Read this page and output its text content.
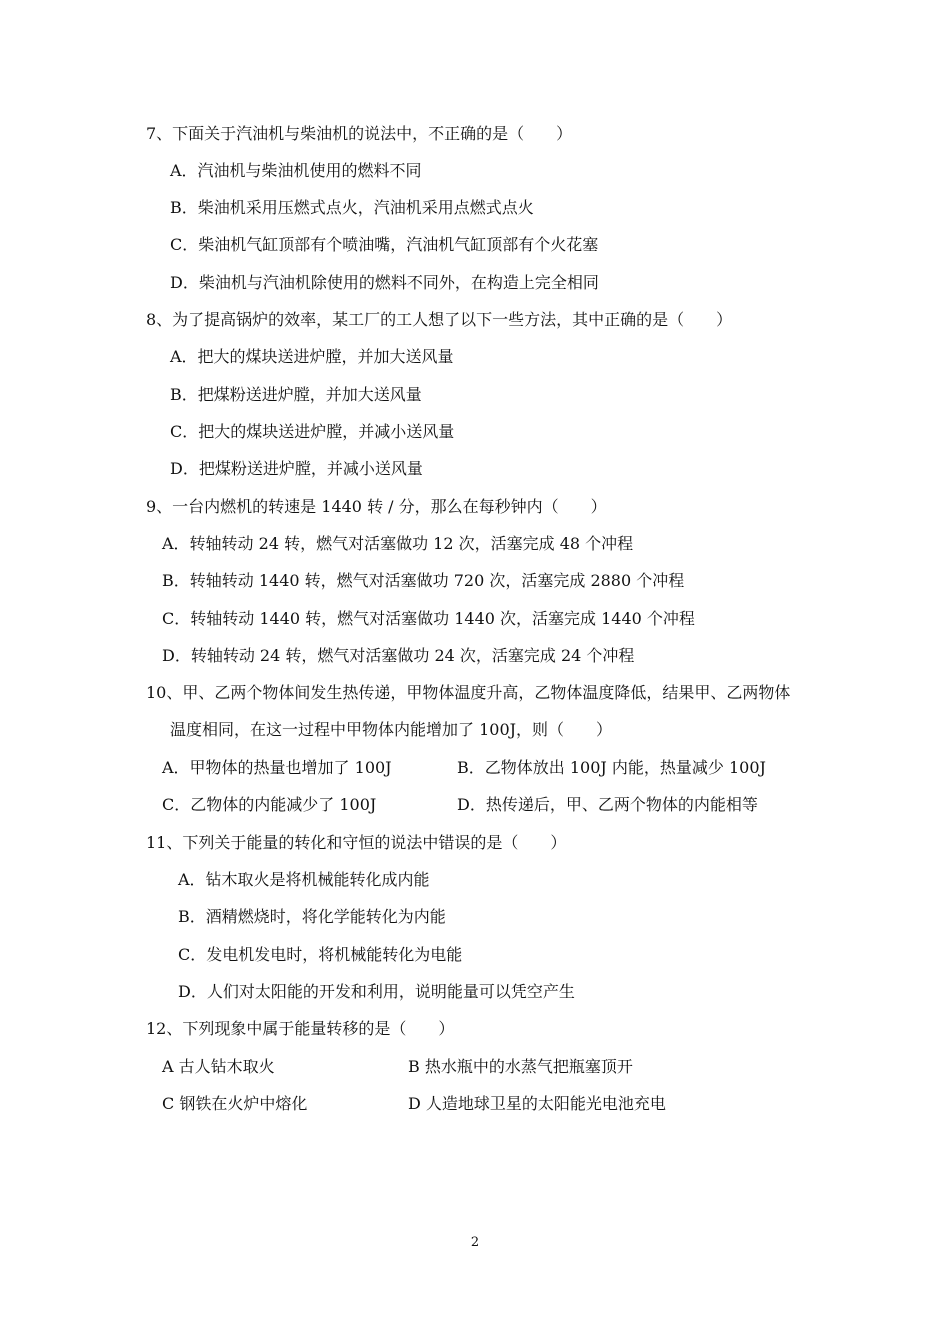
7、下面关于汽油机与柴油机的说法中，不正确的是（　　）
A．汽油机与柴油机使用的燃料不同
B．柴油机采用压燃式点火，汽油机采用点燃式点火
C．柴油机气缸顶部有个喷油嘴，汽油机气缸顶部有个火花塞
D．柴油机与汽油机除使用的燃料不同外，在构造上完全相同
8、为了提高锅炉的效率，某工厂的工人想了以下一些方法，其中正确的是（　　）
A．把大的煤块送进炉膛，并加大送风量
B．把煤粉送进炉膛，并加大送风量
C．把大的煤块送进炉膛，并减小送风量
D．把煤粉送进炉膛，并减小送风量
9、一台内燃机的转速是 1440 转 / 分，那么在每秒钟内（　　）
A．转轴转动 24 转，燃气对活塞做功 12 次，活塞完成 48 个冲程
B．转轴转动 1440 转，燃气对活塞做功 720 次，活塞完成 2880 个冲程
C．转轴转动 1440 转，燃气对活塞做功 1440 次，活塞完成 1440 个冲程
D．转轴转动 24 转，燃气对活塞做功 24 次，活塞完成 24 个冲程
10、甲、乙两个物体间发生热传递，甲物体温度升高，乙物体温度降低，结果甲、乙两物体
温度相同，在这一过程中甲物体内能增加了 100J，则（　　）
A．甲物体的热量也增加了 100J	B．乙物体放出 100J 内能，热量减少 100J
C．乙物体的内能减少了 100J	D．热传递后，甲、乙两个物体的内能相等
11、下列关于能量的转化和守恒的说法中错误的是（　　）
A．钻木取火是将机械能转化成内能
B．酒精燃烧时，将化学能转化为内能
C．发电机发电时，将机械能转化为电能
D．人们对太阳能的开发和利用，说明能量可以凭空产生
12、下列现象中属于能量转移的是（　　）
A 古人钻木取火	B 热水瓶中的水蒸气把瓶塞顶开
C 钢铁在火炉中熔化	D 人造地球卫星的太阳能光电池充电
2
